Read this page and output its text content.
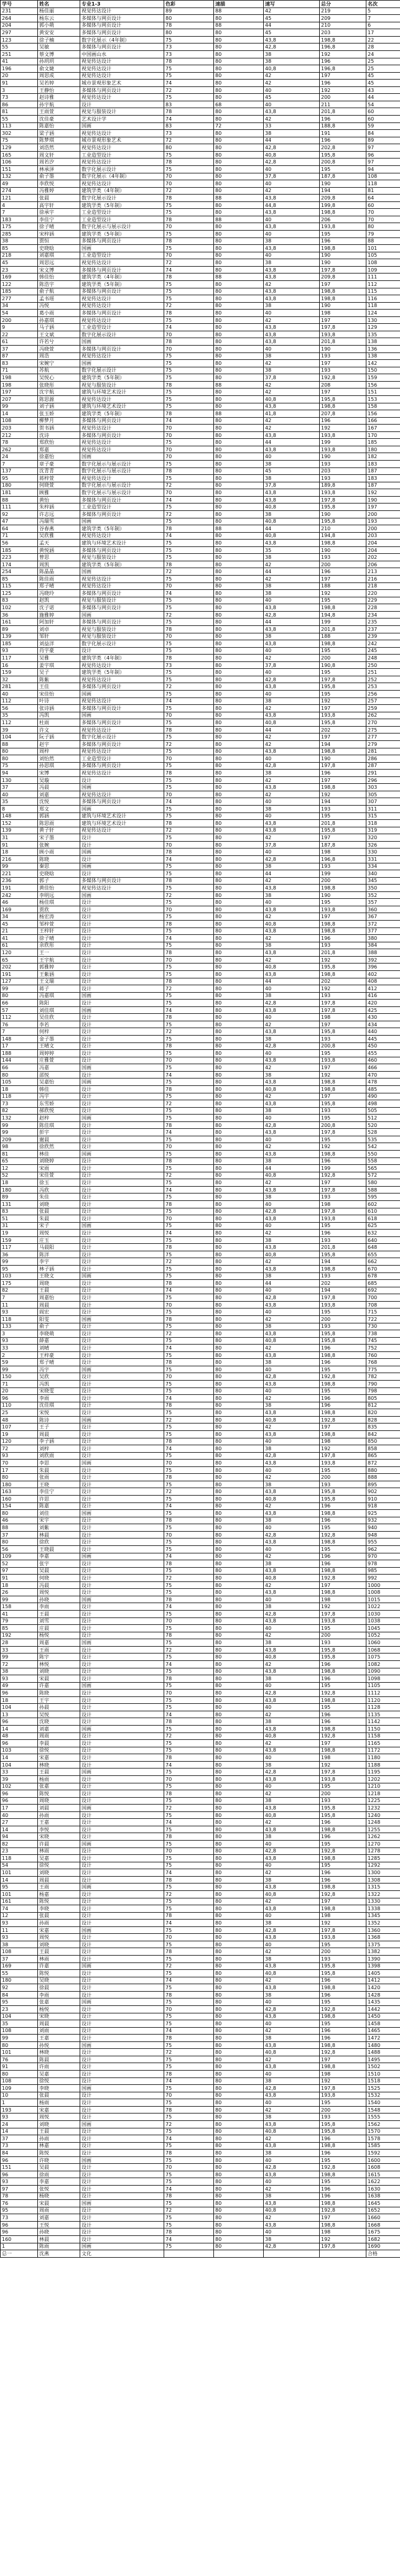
学号	姓名	专业1-3	色彩	速描	速写	总分	名次
231	杨佳丽	视觉传达设计	89	88	42	219	5
264	杨东云	多媒体与网页设计	80	80	45	209	7
204	郭小萌	多媒体与网页设计	78	88	44	210	6
297	黄安安	多媒体与网页设计	80	80	45	203	17
123	徐子楠	数字化展示（4年制）	75	80	43,8	198,8	22
55	吴敏	多媒体与网页设计	73	80	42,8	196,8	28
251	蔡文博	中国画山水	73	80	38	192	24
41	孙玥玥	视觉传达设计	78	80	38	196	25
196	俞文婕	视觉传达设计	75	80	40,8	196,8	25
20	周思成	视觉传达设计	75	80	42	197	45
91	吴若婷	城市景观形象艺术	74	80	42	196	45
3	王静怡	多媒体与网页设计	72	80	40	192	43
73	赵诗雅	视觉传达设计	75	80	45	200	44
86	孙宇航	设计	83	68	40	211	54
81	王雨萱	视觉与服装设计	78	80	43,8	201,8	60
55	沈佳豪	艺术设计学	74	80	42	196	60
113	陈嘉怡	国画	83	72	33	188,8	59
302	梁子涵	视觉传达设计	73	80	38	191	84
75	陈梦琪	城市景观形象艺术	72	80	44	196	89
129	刘浩然	视觉传达设计	80	80	42,8	202,8	97
165	周文轩	工业造型设计	75	80	40,8	195,8	96
106	周若汐	视觉传达设计	78	80	42,8	200,8	97
151	林承泽	数字化展示设计	75	80	40	195	94
132	俞子墨	数字化展示（4年制）	70	80	37,8	187,8	108
49	李欣悦	视觉传达设计	70	80	40	190	118
274	冯雅婷	建筑学类（4年制）	72	80	42	194	81
121	张晨	数字化展示设计	78	88	43,8	209,8	64
4	高宇轩	建筑学类（5年制）	75	80	44,8	199,8	60
7	徐承宇	工业造型设计	75	80	43,8	198,8	70
183	李佳宁	工业造型设计	78	88	40	206	70
175	徐子晴	数字化展示与展示设计	70	80	43,8	193,8	80
285	宋梓涵	建筑学类（5年制）	75	80	40	195	79
38	贾恒	多媒体与网页设计	78	80	38	196	88
85	史晓晗	国画	75	80	43,8	198,8	101
218	刘嘉琪	工业造型设计	70	80	40	190	105
45	周思远	视觉传达设计	72	80	38	190	108
23	宋文博	多媒体与网页设计	74	80	43,8	197,8	109
169	韩佳怡	建筑学类（4年制）	78	88	43,8	209,8	111
122	陈浩宇	建筑学类（5年制）	75	80	42	197	112
185	俞子航	多媒体与网页设计	75	80	43,8	198,8	115
277	孟书瑶	视觉传达设计	75	80	43,8	198,8	116
34	冯悦	视觉传达设计	72	80	38	190	118
54	葛小雨	多媒体与网页设计	78	80	40	198	124
200	孙嘉琪	视觉传达设计	75	80	42	197	130
9	马子涵	工业造型设计	74	80	43,8	197,8	129
22	王文斌	数字化展示设计	70	80	43,8	193,8	135
61	许若兮	国画	78	80	43,8	201,8	138
37	冯晓萱	多媒体与网页设计	70	80	40	190	136
87	周浩	视觉传达设计	75	80	38	193	138
83	宋婉宁	国画	75	80	42	197	142
71	苏航	数字化展示设计	75	80	38	193	150
198	吴悦心	建筑学类（5年制）	75	80	37,8	192,8	159
198	张晓彤	视觉与服装设计	78	88	42	208	156
197	沈宇航	建筑与环境艺术设计	75	80	42	197	151
207	陈思源	视觉传达设计	75	80	40,8	195,8	153
99	刘子涵	建筑与环境艺术设计	75	80	43,8	198,8	158
14	张玉娇	建筑学类（5年制）	78	88	41,8	207,8	156
108	柳梦月	多媒体与网页设计	74	80	42	196	166
203	贺书涵	视觉传达设计	70	80	42	192	167
212	沈诗	多媒体与网页设计	70	80	43,8	193,8	170
78	郑欣怡	视觉传达设计	75	80	44	199	185
262	郑嘉	视觉传达设计	70	80	43,8	193,8	180
24	徐嘉怡	国画	70	80	40	190	182
7	章子豪	数字化展示与展示设计	75	80	38	193	183
137	沈青青	数字化展示与展示设计	78	80	45	203	187
95	蒋梓萱	视觉传达设计	75	80	38	193	183
180	何晓萱	数字化展示与展示设计	72	80	37,8	189,8	187
181	顾雅	数字化展示与展示设计	70	80	43,8	193,8	192
88	黄怡	多媒体与网页设计	74	80	43,8	197,8	190
111	朱梓涵	工业造型设计	75	80	40,8	195,8	197
92	许志远	多媒体与网页设计	72	80	38	190	200
47	冯瑞雪	国画	75	80	40,8	195,8	193
64	谷春燕	建筑学类（5年制）	78	88	44	210	200
71	吴欣雅	视觉传达设计	74	80	40,8	194,8	203
56	孟天	建筑与环境艺术设计	75	80	43,8	198,8	204
185	黄悦涵	多媒体与网页设计	75	80	35	190	204
223	曾思	视觉与服装设计	75	80	38	193	202
174	周凯	建筑学类（5年制）	78	80	42	200	206
254	陈晶晶	国画	72	80	44	196	213
85	陈佳雨	视觉传达设计	75	80	42	197	216
115	郑子晴	视觉传达设计	70	80	38	188	218
125	冯晓玲	多媒体与网页设计	74	80	38	192	220
83	赵凯	视觉与服装设计	75	80	40	195	229
102	沈子诺	多媒体与网页设计	75	80	43,8	198,8	228
36	施雅婷	国画	72	80	42,8	194,8	234
161	阿加轩	多媒体与网页设计	75	80	44	199	235
89	刘卓	视觉与服装设计	78	80	43,8	201,8	237
139	邹轩	视觉与服装设计	70	80	38	188	239
185	刘益洋	数字化展示设计	75	80	43,8	198,8	242
93	肖宇豪	设计	75	80	40	195	245
117	吴雅	建筑学类（4年制）	78	80	42	200	248
16	姜宇琪	视觉传达设计	73	80	37,8	190,8	250
159	吴子	建筑学类（5年制）	75	80	40	195	251
32	陈紫	视觉传达设计	75	80	42,8	197,8	252
281	王佳	多媒体与网页设计	72	80	43,8	195,8	253
40	宋佳怡	国画	75	80	40	195	256
112	叶诗	视觉传达设计	74	80	38	192	257
56	张诗涵	多媒体与网页设计	75	80	42	197	259
35	冯凯	国画	70	80	43,8	193,8	262
112	杜雨	多媒体与网页设计	75	80	40,8	195,8	270
39	许文	视觉传达设计	78	80	44	202	275
104	阮子涵	数字化展示设计	75	80	42	197	277
88	赵宇	多媒体与网页设计	72	80	42	194	279
80	周梓	视觉传达设计	75	80	43,8	198,8	281
80	刘怡然	工业造型设计	70	80	40	190	286
75	孙思琪	多媒体与网页设计	75	80	42,8	197,8	287
94	宋博	视觉传达设计	78	80	38	196	291
130	吴璇	设计	75	80	42	197	296
37	冯晨	国画	75	80	43,8	198,8	303
40	刘嘉	视觉传达设计	70	80	42	192	305
35	沈悦	多媒体与网页设计	74	80	40	194	307
8	郑文	国画	75	80	38	193	311
148	郭涵	建筑与环境艺术设计	75	80	40	195	315
152	陈思雨	建筑与环境艺术设计	78	80	43,8	201,8	318
139	黄子轩	视觉传达设计	72	80	43,8	195,8	319
31	宋子墨	设计	75	80	42	197	320
91	张婉	设计	70	80	37,8	187,8	326
18	顾小雨	国画	78	80	40	198	330
216	陈晓	设计	74	80	42,8	196,8	331
99	秦思	国画	75	80	38	193	334
221	史晓晗	设计	75	80	44	199	340
236	郭子	多媒体与网页设计	78	80	42	200	345
191	黄佳怡	视觉传达设计	75	80	43,8	198,8	350
242	李明远	国画	72	80	38	190	352
46	杨佳琪	设计	75	80	40	195	357
169	贾欣	设计	70	80	43,8	193,8	360
34	杨宏涛	设计	75	80	42	197	367
45	邹梓萱	设计	78	80	40,8	198,8	372
21	王梓轩	设计	75	80	43,8	198,8	377
41	徐子晴	设计	74	80	42	196	380
61	余欣彤	设计	75	80	38	193	384
120	王一	设计	78	80	43,8	201,8	388
65	王宇航	设计	70	80	42	192	392
202	郭雅婷	设计	75	80	40,8	195,8	396
191	王紫涵	设计	75	80	43,8	198,8	402
127	王文瑞	设计	78	80	44	202	408
99	蒋子	设计	72	80	40	192	412
80	冯嘉琪	国画	75	80	38	193	416
66	陈阳	设计	75	80	42,8	197,8	420
57	刘佳琪	国画	74	80	43,8	197,8	425
112	吴佳欣	设计	78	80	40	198	430
76	李若	设计	75	80	42	197	434
7	何梓	设计	72	80	43,8	195,8	440
148	金子墨	设计	75	80	38	193	445
17	王晴文	设计	78	80	42,8	200,8	450
188	周婷婷	设计	75	80	40	195	455
144	庄雅萱	设计	70	80	43,8	193,8	460
66	冯嘉	国画	75	80	42	197	466
80	邵悦	设计	74	80	38	192	470
105	吴嘉怡	国画	75	80	43,8	198,8	478
18	韩佳	设计	78	80	40,8	198,8	485
118	冯宇	设计	75	80	42	197	490
73	东雪娇	设计	72	80	43,8	195,8	498
82	郝欣悦	设计	75	80	38	193	505
132	赵梓	国画	75	80	40	195	512
99	陈佳琪	设计	78	80	42,8	200,8	520
99	彭宇	设计	74	80	43,8	197,8	528
209	谢晨	设计	75	80	40	195	535
98	徐欣然	设计	70	80	42	192	542
81	林佳	国画	75	80	43,8	198,8	550
65	刘晓婷	设计	78	80	38	196	558
12	宋雨	设计	75	80	44	199	565
52	宋佳萱	设计	72	80	40,8	192,8	572
18	徐玉	设计	75	80	42	197	580
180	冯欣	设计	74	80	43,8	197,8	588
89	朱佳	设计	75	80	38	193	595
131	刘晓	设计	78	80	40	198	602
83	张晨	设计	75	80	42,8	197,8	610
51	朱晨	设计	70	80	43,8	193,8	618
31	宋子	国画	75	80	40	195	625
19	周悦	设计	74	80	42	196	632
159	庄玉	设计	75	80	38	193	640
117	马晨阳	设计	78	80	43,8	201,8	648
36	陈洋	设计	75	80	40,8	195,8	655
99	李宇	设计	72	80	42	194	662
95	林子涵	设计	75	80	43,8	198,8	670
103	王晓文	国画	75	80	38	193	678
175	周晓	设计	78	80	44	202	685
82	王晨	设计	74	80	40	194	692
7	周嘉怡	设计	75	80	42,8	197,8	700
11	周晨	设计	70	80	43,8	193,8	708
93	阎宏	设计	75	80	40	195	715
118	阳雯	国画	78	80	42	200	722
133	俞子	设计	75	80	38	193	730
3	李晓萌	设计	72	80	43,8	195,8	738
93	薛嘉	设计	75	80	40,8	195,8	745
33	刘晴	设计	74	80	42	196	752
2	王梓豪	设计	75	80	43,8	198,8	760
59	郑子晴	设计	78	80	38	196	768
99	冯宇	国画	75	80	40	195	775
150	吴欣	设计	70	80	42,8	192,8	782
71	冯凯	设计	75	80	43,8	198,8	790
20	宋晓雯	设计	75	80	40	195	798
96	李雨	设计	74	80	42	196	805
110	沈佳琪	设计	78	80	38	196	812
25	宋悦	设计	75	80	43,8	198,8	820
48	陈诗	国画	72	80	40,8	192,8	828
107	王子	设计	75	80	42	197	835
19	周晨	设计	75	80	43,8	198,8	842
120	李子涵	设计	78	80	40	198	850
72	刘梓	设计	74	80	38	192	858
93	刘欣雨	设计	75	80	42,8	197,8	865
70	李思	国画	70	80	43,8	193,8	872
17	朱晨	设计	75	80	40	195	880
80	张雨	设计	78	80	42	200	888
180	王晓	设计	75	80	38	193	895
163	李佳宁	设计	72	80	43,8	195,8	902
160	许思	设计	75	80	40,8	195,8	910
154	陈嘉	设计	74	80	42	196	918
80	刘佳	国画	75	80	43,8	198,8	925
46	宋宇	设计	78	80	38	196	932
88	刘紫	设计	75	80	40	195	940
37	林晨	设计	70	80	42,8	192,8	948
80	徐欣	设计	75	80	43,8	198,8	955
56	王晓晨	设计	75	80	40	195	962
109	李嘉	国画	74	80	42	196	970
52	张宇	设计	78	80	38	196	978
97	吴晨	设计	75	80	43,8	198,8	985
91	何晓	设计	72	80	40,8	192,8	992
18	冯晨	设计	75	80	42	197	1000
26	周悦	设计	75	80	43,8	198,8	1008
99	孙晓	国画	78	80	40	198	1015
158	李雨	设计	74	80	38	192	1022
41	王晨	设计	75	80	42,8	197,8	1030
79	刘雪	设计	70	80	43,8	193,8	1038
85	庄晨	设计	75	80	40	195	1045
192	杨悦	设计	78	80	42	200	1052
28	周嘉	国画	75	80	38	193	1060
33	王雨	设计	72	80	43,8	195,8	1068
99	陈宇	设计	75	80	40,8	195,8	1075
72	林悦	设计	74	80	42	196	1082
38	刘晓	设计	75	80	43,8	198,8	1090
93	宋晨	设计	78	80	38	196	1098
49	许嘉	国画	75	80	40	195	1105
96	陈晓	设计	70	80	42,8	192,8	1112
18	王宇	设计	75	80	43,8	198,8	1120
104	孙晨	设计	75	80	40	195	1128
13	吴悦	设计	74	80	42	196	1135
96	沈晓	设计	78	80	38	196	1142
14	刘嘉	国画	75	80	43,8	198,8	1150
48	周雨	设计	72	80	40,8	192,8	1158
96	李晨	设计	75	80	42	197	1165
103	徐悦	设计	75	80	43,8	198,8	1172
14	宋嘉	设计	78	80	40	198	1180
104	林晓	设计	74	80	38	192	1188
33	王晨	国画	75	80	42,8	197,8	1195
39	杨雨	设计	70	80	43,8	193,8	1202
102	张嘉	设计	75	80	40	195	1210
96	陈悦	设计	78	80	42	200	1218
96	周晓	设计	75	80	38	193	1225
17	刘晨	国画	72	80	43,8	195,8	1232
40	孙雨	设计	75	80	40,8	195,8	1240
27	王嘉	设计	74	80	42	196	1248
14	李悦	设计	75	80	43,8	198,8	1255
94	宋晓	设计	78	80	38	196	1262
82	许晨	国画	75	80	40	195	1270
23	林雨	设计	70	80	42,8	192,8	1278
118	吴嘉	设计	75	80	43,8	198,8	1285
54	徐悦	设计	75	80	40	195	1292
101	刘晓	设计	74	80	42	196	1300
14	周晨	设计	78	80	38	196	1308
95	王雨	国画	75	80	43,8	198,8	1315
101	杨嘉	设计	72	80	40,8	192,8	1322
161	陈悦	设计	75	80	42	197	1330
74	李晓	设计	75	80	43,8	198,8	1338
12	张晨	设计	78	80	40	198	1345
93	孙雨	设计	74	80	38	192	1352
11	宋嘉	国画	75	80	42,8	197,8	1360
93	周悦	设计	70	80	43,8	193,8	1368
38	刘晓	设计	75	80	40	195	1375
108	王晨	设计	78	80	42	200	1382
37	林雨	设计	75	80	38	193	1390
169	许嘉	国画	72	80	43,8	195,8	1398
55	陈悦	设计	75	80	40,8	195,8	1405
180	吴晓	设计	74	80	42	196	1412
92	徐晨	设计	75	80	43,8	198,8	1420
84	李雨	设计	78	80	38	196	1428
95	张嘉	国画	75	80	40	195	1435
23	杨悦	设计	70	80	42,8	192,8	1442
104	宋晓	设计	75	80	43,8	198,8	1450
35	周晨	设计	75	80	40	195	1458
108	刘雨	设计	74	80	42	196	1465
99	王嘉	设计	78	80	38	196	1472
80	孙悦	国画	75	80	43,8	198,8	1480
101	林晓	设计	72	80	40,8	192,8	1488
76	陈晨	设计	75	80	42	197	1495
91	许雨	设计	75	80	43,8	198,8	1502
80	吴嘉	设计	78	80	40	198	1510
108	徐悦	设计	74	80	38	192	1518
109	李晓	国画	75	80	42,8	197,8	1525
10	张晨	设计	70	80	43,8	193,8	1532
1	杨雨	设计	75	80	40	195	1540
193	宋嘉	设计	78	80	42	200	1548
93	周悦	设计	75	80	38	193	1555
24	刘晓	国画	72	80	43,8	195,8	1562
14	王晨	设计	75	80	40,8	195,8	1570
37	孙雨	设计	74	80	42	196	1578
73	林嘉	设计	75	80	43,8	198,8	1585
84	陈悦	设计	78	80	38	196	1592
96	许晓	国画	75	80	40	195	1600
151	吴晨	设计	70	80	42,8	192,8	1608
96	徐雨	设计	75	80	43,8	198,8	1615
93	李嘉	设计	75	80	40	195	1622
97	张悦	设计	74	80	42	196	1630
78	杨晓	设计	78	80	38	196	1638
76	宋晨	国画	75	80	43,8	198,8	1645
95	周雨	设计	72	80	40,8	192,8	1652
73	刘嘉	设计	75	80	42	197	1660
96	王悦	设计	75	80	43,8	198,8	1668
96	孙晓	设计	78	80	40	198	1675
160	林晨	设计	74	80	38	192	1682
1	陈雨	国画	75	80	42,8	197,8	1690
总一	沈燕	文化					合格
